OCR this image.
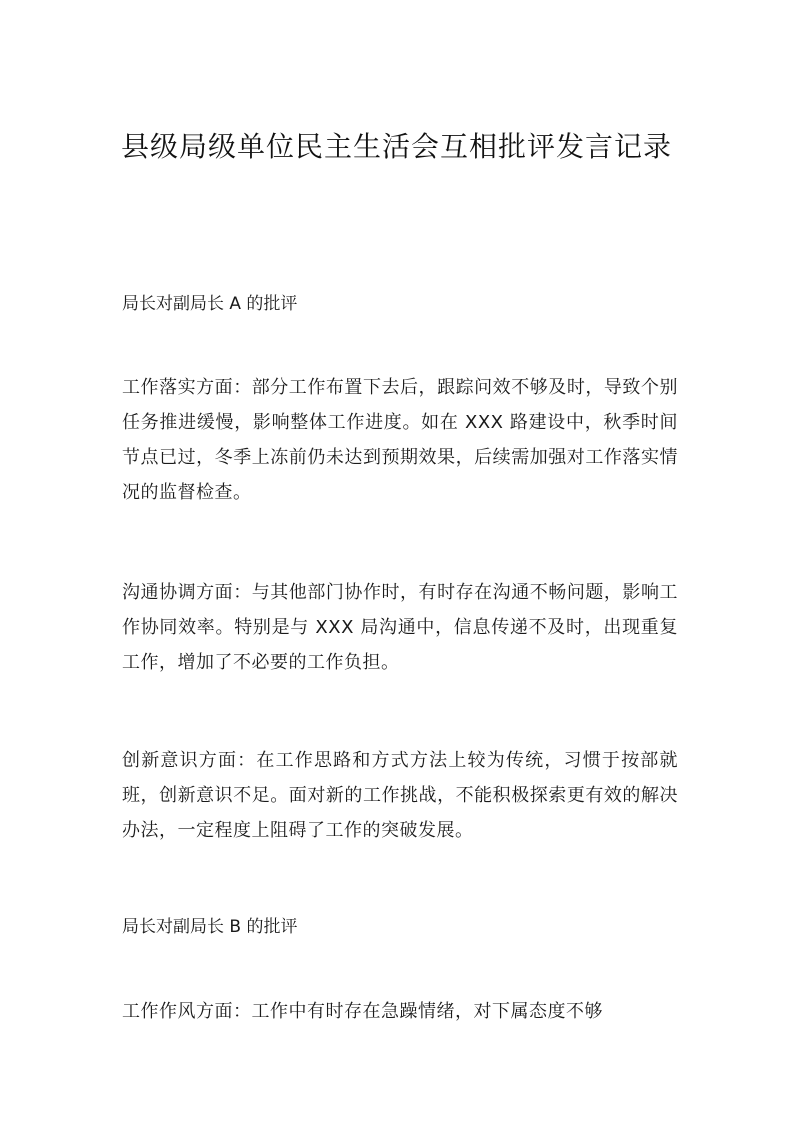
县级局级单位民主生活会互相批评发言记录

局长对副局长 A 的批评

工作落实方面：部分工作布置下去后，跟踪问效不够及时，导致个别任务推进缓慢，影响整体工作进度。如在 XXX 路建设中，秋季时间节点已过，冬季上冻前仍未达到预期效果，后续需加强对工作落实情况的监督检查。

沟通协调方面：与其他部门协作时，有时存在沟通不畅问题，影响工作协同效率。特别是与 XXX 局沟通中，信息传递不及时，出现重复工作，增加了不必要的工作负担。

创新意识方面：在工作思路和方式方法上较为传统，习惯于按部就班，创新意识不足。面对新的工作挑战，不能积极探索更有效的解决办法，一定程度上阻碍了工作的突破发展。

局长对副局长 B 的批评

工作作风方面：工作中有时存在急躁情绪，对下属态度不够
